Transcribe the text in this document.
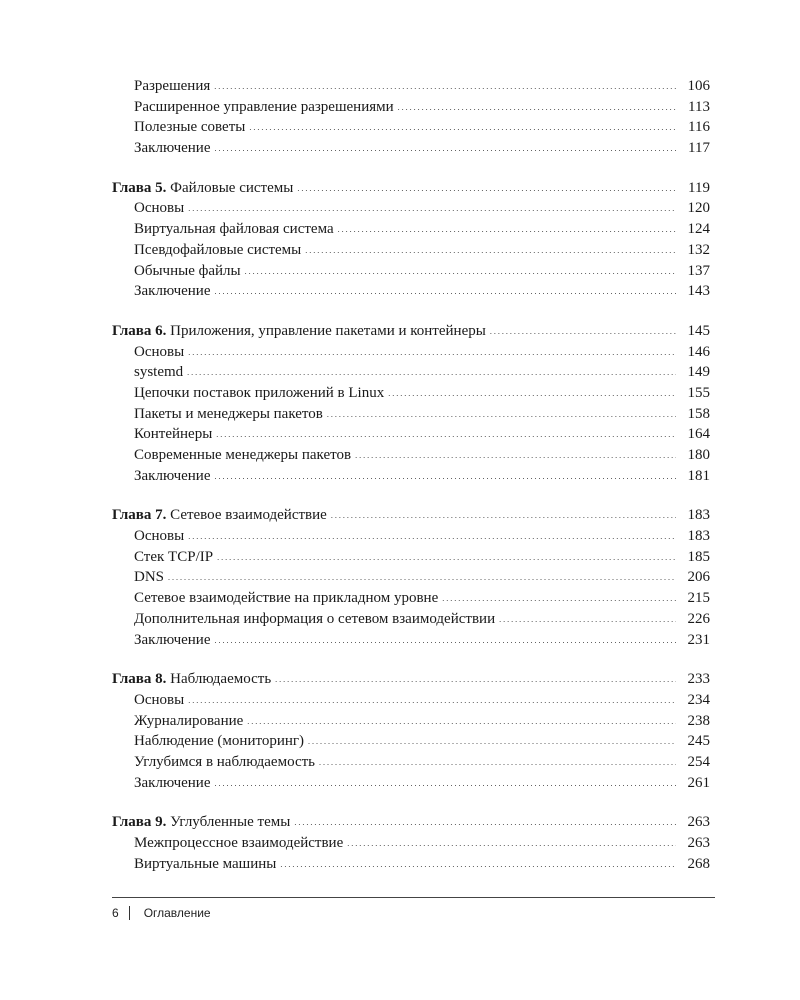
Разрешения . . .	106
Расширенное управление разрешениями . . .	113
Полезные советы . . .	116
Заключение . . .	117
Глава 5. Файловые системы . . .	119
Основы . . .	120
Виртуальная файловая система . . .	124
Псевдофайловые системы . . .	132
Обычные файлы . . .	137
Заключение . . .	143
Глава 6. Приложения, управление пакетами и контейнеры . . .	145
Основы . . .	146
systemd . . .	149
Цепочки поставок приложений в Linux . . .	155
Пакеты и менеджеры пакетов . . .	158
Контейнеры . . .	164
Современные менеджеры пакетов . . .	180
Заключение . . .	181
Глава 7. Сетевое взаимодействие . . .	183
Основы . . .	183
Стек TCP/IP . . .	185
DNS . . .	206
Сетевое взаимодействие на прикладном уровне . . .	215
Дополнительная информация о сетевом взаимодействии . . .	226
Заключение . . .	231
Глава 8. Наблюдаемость . . .	233
Основы . . .	234
Журналирование . . .	238
Наблюдение (мониторинг) . . .	245
Углубимся в наблюдаемость . . .	254
Заключение . . .	261
Глава 9. Углубленные темы . . .	263
Межпроцессное взаимодействие . . .	263
Виртуальные машины . . .	268
6 Оглавление
